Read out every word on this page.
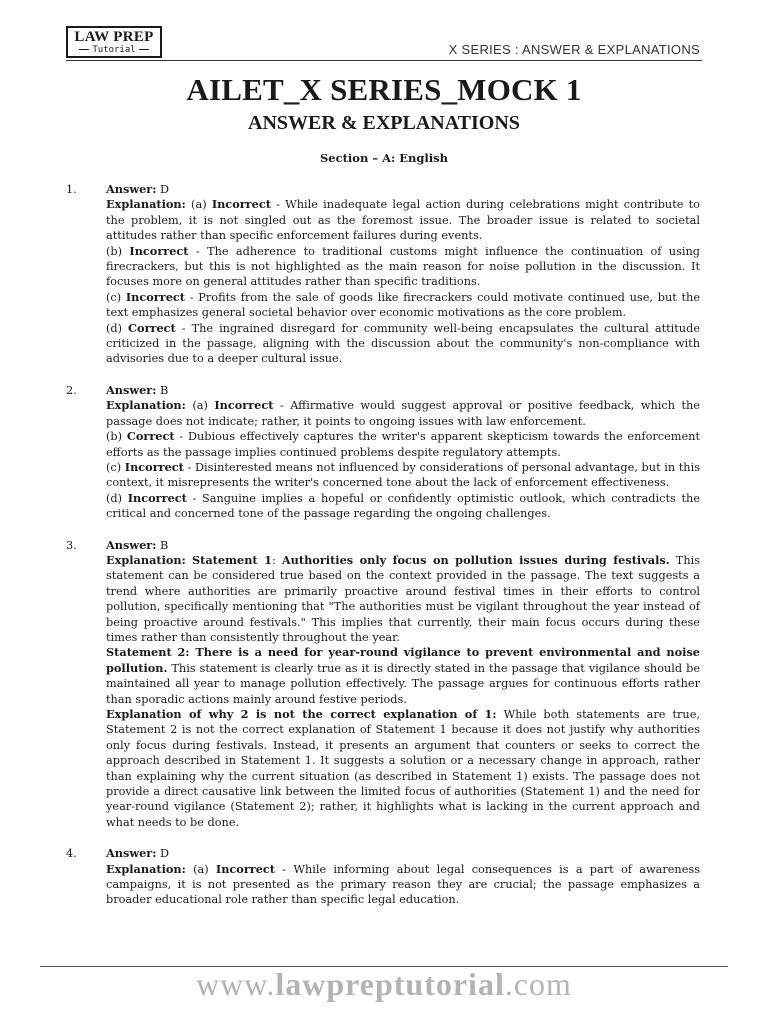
LAW PREP
Tutorial	X SERIES : ANSWER & EXPLANATIONS
AILET_X SERIES_MOCK 1
ANSWER & EXPLANATIONS
Section – A: English
1.	Answer: D

Explanation: (a) Incorrect - While inadequate legal action during celebrations might contribute to the problem, it is not singled out as the foremost issue. The broader issue is related to societal attitudes rather than specific enforcement failures during events.

(b) Incorrect - The adherence to traditional customs might influence the continuation of using firecrackers, but this is not highlighted as the main reason for noise pollution in the discussion. It focuses more on general attitudes rather than specific traditions.

(c) Incorrect - Profits from the sale of goods like firecrackers could motivate continued use, but the text emphasizes general societal behavior over economic motivations as the core problem.

(d) Correct - The ingrained disregard for community well-being encapsulates the cultural attitude criticized in the passage, aligning with the discussion about the community's non-compliance with advisories due to a deeper cultural issue.

2.	Answer: B

Explanation: (a) Incorrect - Affirmative would suggest approval or positive feedback, which the passage does not indicate; rather, it points to ongoing issues with law enforcement.

(b) Correct - Dubious effectively captures the writer's apparent skepticism towards the enforcement efforts as the passage implies continued problems despite regulatory attempts.

(c) Incorrect - Disinterested means not influenced by considerations of personal advantage, but in this context, it misrepresents the writer's concerned tone about the lack of enforcement effectiveness.

(d) Incorrect - Sanguine implies a hopeful or confidently optimistic outlook, which contradicts the critical and concerned tone of the passage regarding the ongoing challenges.

3.	Answer: B

Explanation: Statement 1: Authorities only focus on pollution issues during festivals. This statement can be considered true based on the context provided in the passage. The text suggests a trend where authorities are primarily proactive around festival times in their efforts to control pollution, specifically mentioning that "The authorities must be vigilant throughout the year instead of being proactive around festivals." This implies that currently, their main focus occurs during these times rather than consistently throughout the year.

Statement 2: There is a need for year-round vigilance to prevent environmental and noise pollution. This statement is clearly true as it is directly stated in the passage that vigilance should be maintained all year to manage pollution effectively. The passage argues for continuous efforts rather than sporadic actions mainly around festive periods.

Explanation of why 2 is not the correct explanation of 1: While both statements are true, Statement 2 is not the correct explanation of Statement 1 because it does not justify why authorities only focus during festivals. Instead, it presents an argument that counters or seeks to correct the approach described in Statement 1. It suggests a solution or a necessary change in approach, rather than explaining why the current situation (as described in Statement 1) exists. The passage does not provide a direct causative link between the limited focus of authorities (Statement 1) and the need for year-round vigilance (Statement 2); rather, it highlights what is lacking in the current approach and what needs to be done.

4.	Answer: D

Explanation: (a) Incorrect - While informing about legal consequences is a part of awareness campaigns, it is not presented as the primary reason they are crucial; the passage emphasizes a broader educational role rather than specific legal education.

www.lawpreptutorial.com
